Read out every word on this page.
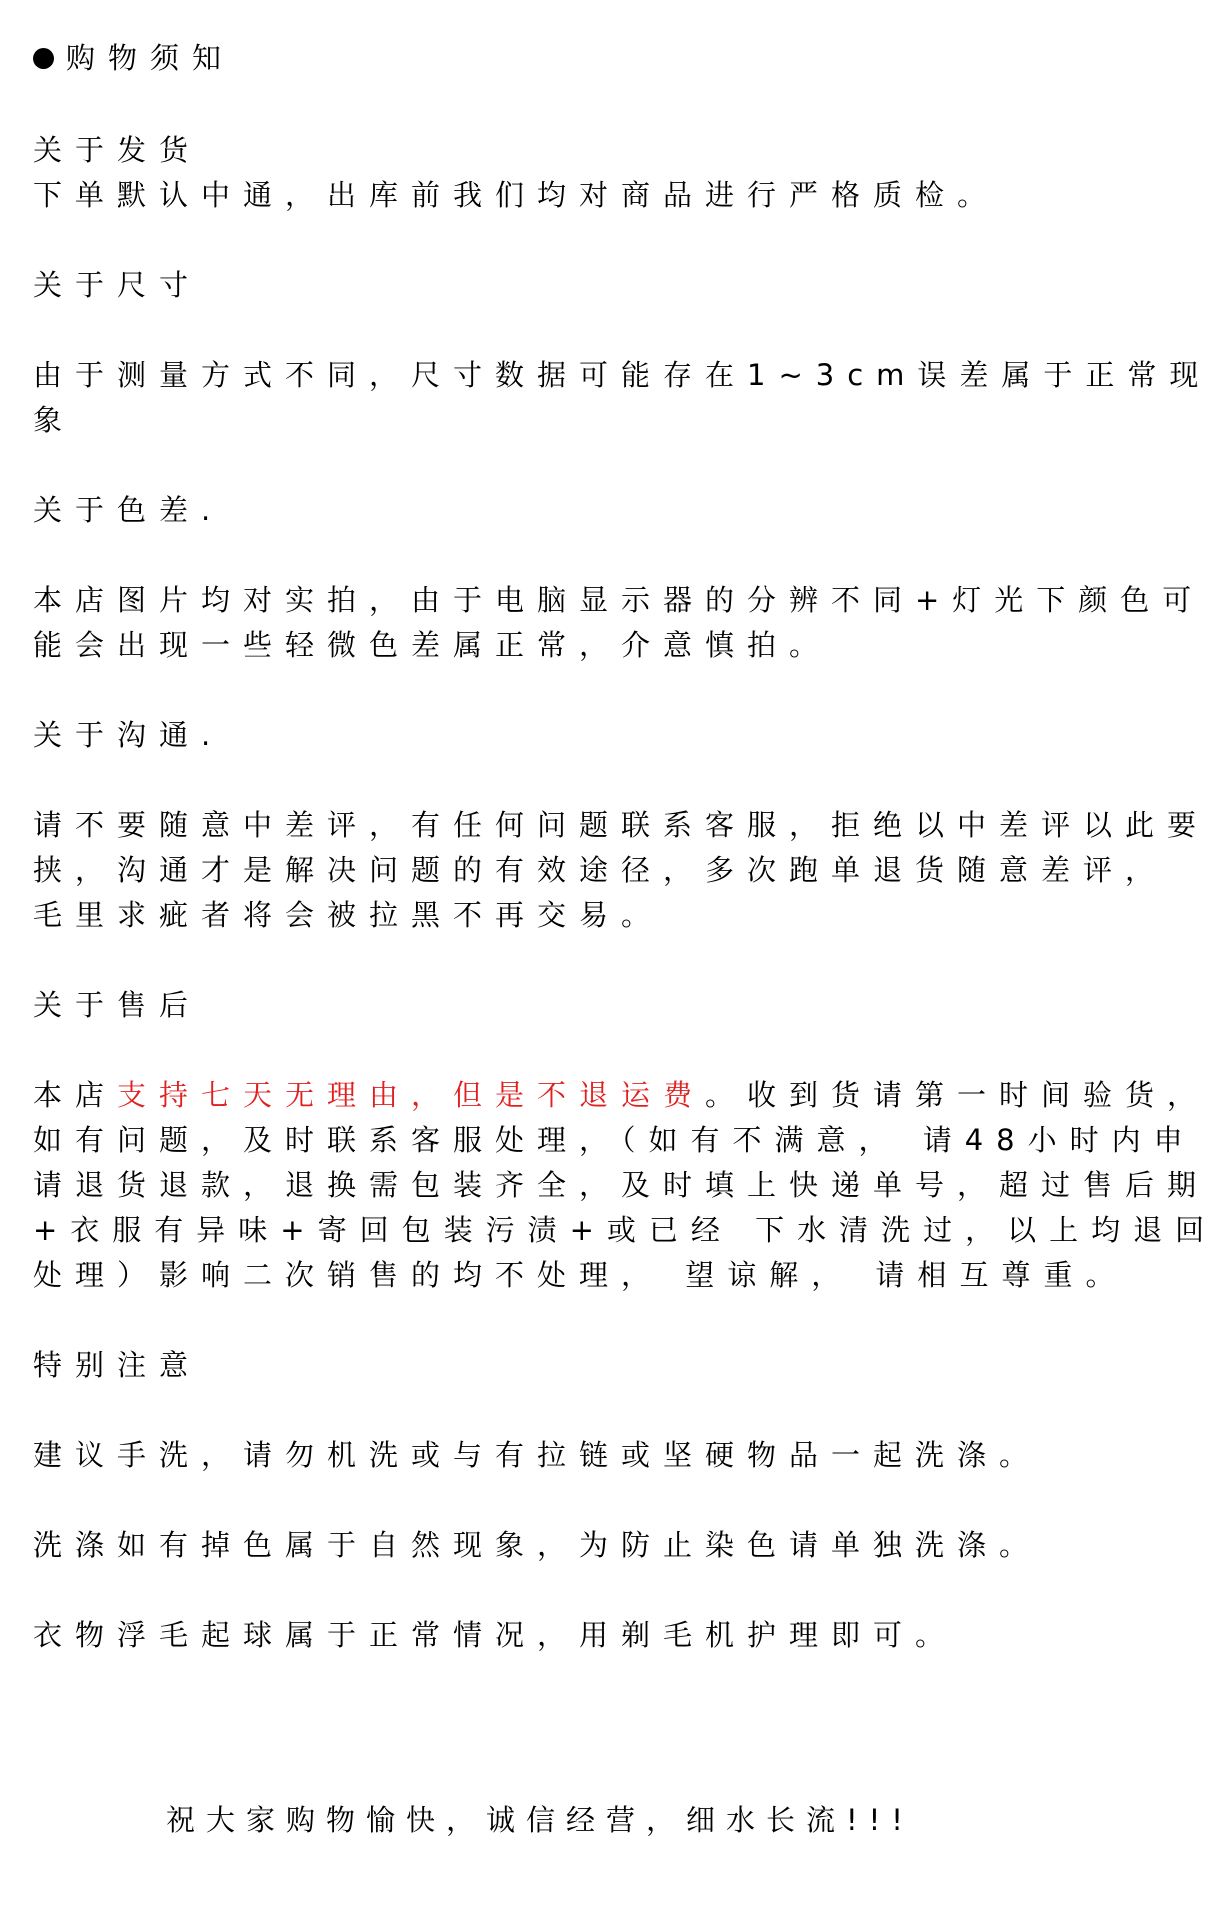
购物须知
关于发货
下单默认中通，出库前我们均对商品进行严格质检。
关于尺寸
由于测量方式不同，尺寸数据可能存在1~3cm误差属于正常现
象
关于色差.
本店图片均对实拍，由于电脑显示器的分辨不同+灯光下颜色可
能会出现一些轻微色差属正常，介意慎拍。
关于沟通.
请不要随意中差评，有任何问题联系客服，拒绝以中差评以此要
挟，沟通才是解决问题的有效途径，多次跑单退货随意差评，
毛里求疵者将会被拉黑不再交易。
关于售后
本店支持七天无理由，但是不退运费。收到货请第一时间验货，
如有问题，及时联系客服处理，（如有不满意， 请48小时内申
请退货退款，退换需包装齐全，及时填上快递单号，超过售后期
+衣服有异味+寄回包装污渍+或已经 下水清洗过，以上均退回
处理）影响二次销售的均不处理， 望谅解， 请相互尊重。
特别注意
建议手洗，请勿机洗或与有拉链或坚硬物品一起洗涤。
洗涤如有掉色属于自然现象，为防止染色请单独洗涤。
衣物浮毛起球属于正常情况，用剃毛机护理即可。
祝大家购物愉快，诚信经营，细水长流!!!
